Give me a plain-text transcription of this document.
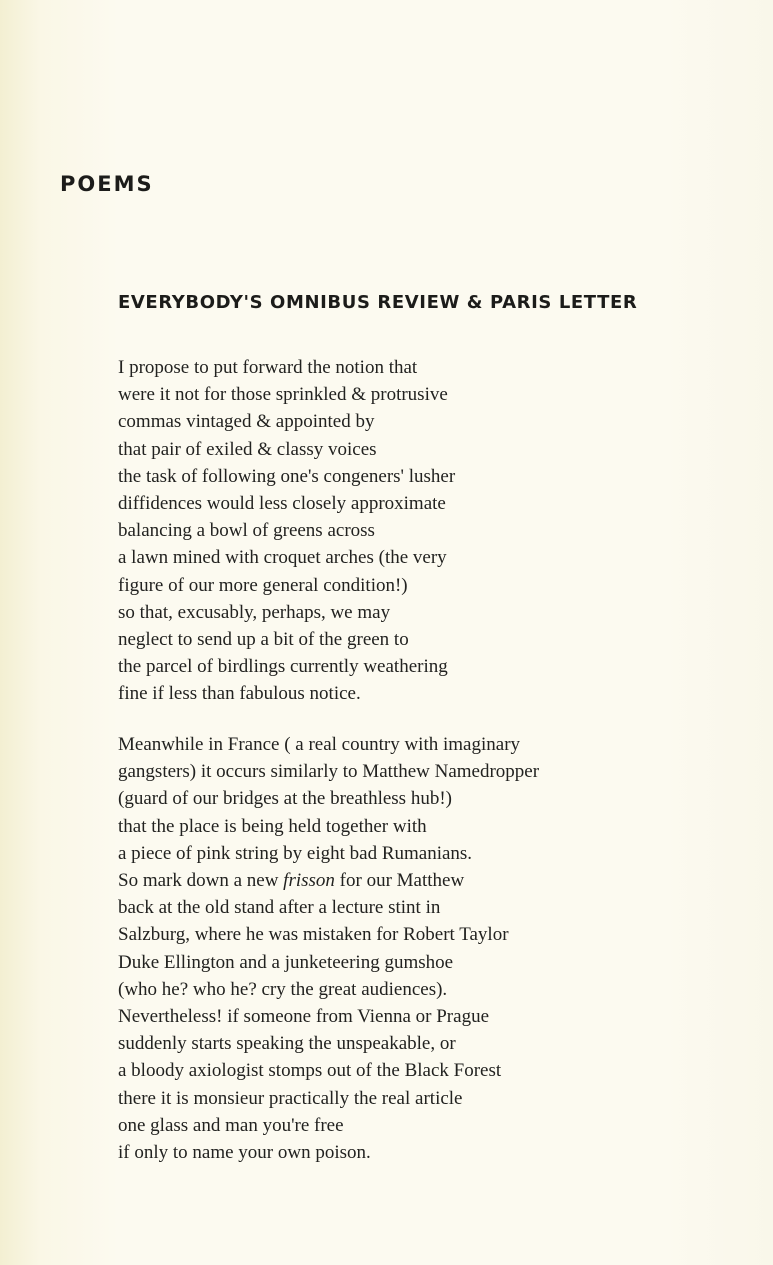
POEMS
EVERYBODY'S OMNIBUS REVIEW & PARIS LETTER
I propose to put forward the notion that
were it not for those sprinkled & protrusive
commas vintaged & appointed by
that pair of exiled & classy voices
the task of following one's congeners' lusher
diffidences would less closely approximate
balancing a bowl of greens across
a lawn mined with croquet arches (the very
figure of our more general condition!)
so that, excusably, perhaps, we may
neglect to send up a bit of the green to
the parcel of birdlings currently weathering
fine if less than fabulous notice.
Meanwhile in France ( a real country with imaginary
gangsters) it occurs similarly to Matthew Namedropper
(guard of our bridges at the breathless hub!)
that the place is being held together with
a piece of pink string by eight bad Rumanians.
So mark down a new frisson for our Matthew
back at the old stand after a lecture stint in
Salzburg, where he was mistaken for Robert Taylor
Duke Ellington and a junketeering gumshoe
(who he? who he? cry the great audiences).
Nevertheless! if someone from Vienna or Prague
suddenly starts speaking the unspeakable, or
a bloody axiologist stomps out of the Black Forest
there it is monsieur practically the real article
one glass and man you're free
if only to name your own poison.
